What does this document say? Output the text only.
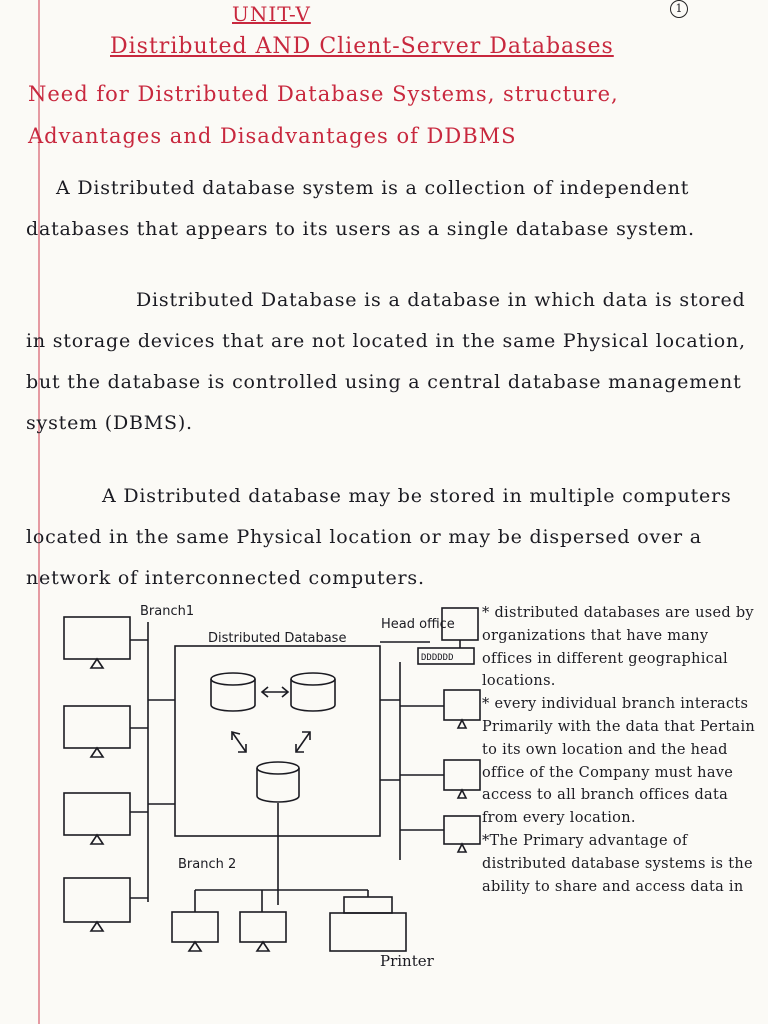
1
UNIT-V
Distributed AND Client-Server Databases
Need for Distributed Database Systems, structure,
Advantages and Disadvantages of DDBMS
A Distributed database system is a collection of independent databases that appears to its users as a single database system.
Distributed Database is a database in which data is stored in storage devices that are not located in the same Physical location, but the database is controlled using a central database management system (DBMS).
A Distributed database may be stored in multiple computers located in the same Physical location or may be dispersed over a network of interconnected computers.
Branch1
Distributed Database
Branch 2
Head office
DDDDDD
Printer

* distributed databases are used by organizations that have many offices in different geographical locations.

* every individual branch interacts Primarily with the data that Pertain to its own location and the head office of the Company must have access to all branch offices data from every location.

*The Primary advantage of distributed database systems is the ability to share and access data in
